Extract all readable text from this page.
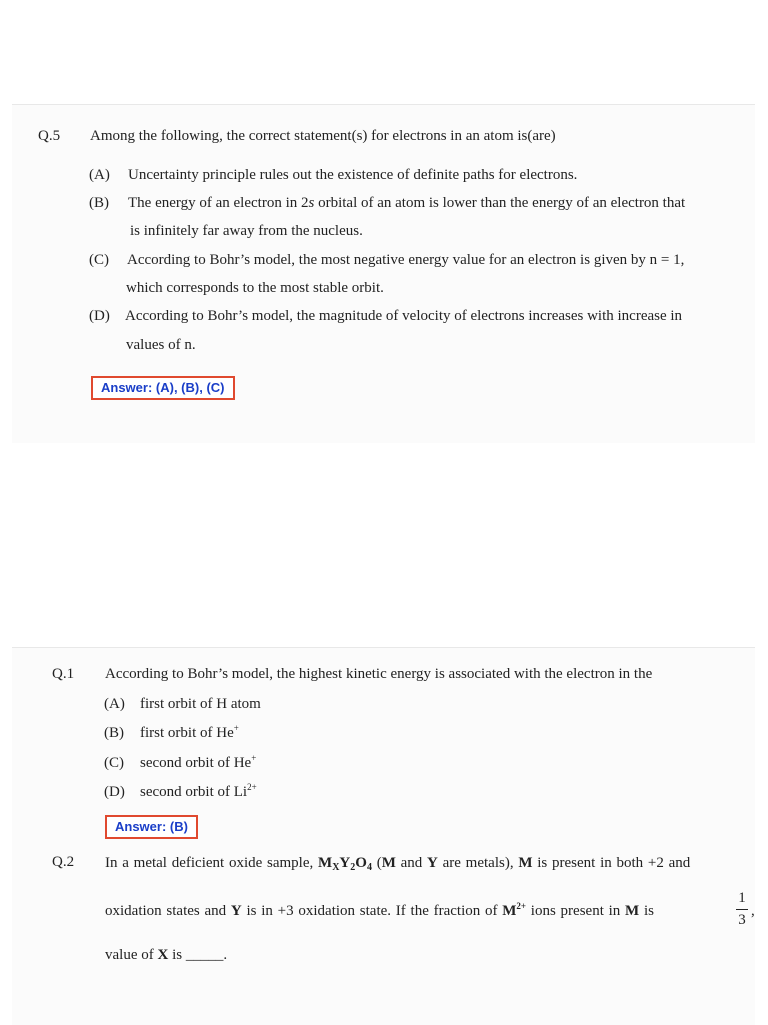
Q.5 Among the following, the correct statement(s) for electrons in an atom is(are)
(A) Uncertainty principle rules out the existence of definite paths for electrons.
(B) The energy of an electron in 2s orbital of an atom is lower than the energy of an electron that
is infinitely far away from the nucleus.
(C) According to Bohr’s model, the most negative energy value for an electron is given by n = 1,
which corresponds to the most stable orbit.
(D) According to Bohr’s model, the magnitude of velocity of electrons increases with increase in
values of n.
Answer: (A), (B), (C)
Q.1 According to Bohr’s model, the highest kinetic energy is associated with the electron in the
(A) first orbit of H atom
(B) first orbit of He+
(C) second orbit of He+
(D) second orbit of $Li^{2+}$
Answer: (B)
Q.2 In a metal deficient oxide sample, $M_XY_2O_4$ (M and Y are metals), M is present in both +2 and
oxidation states and Y is in +3 oxidation state. If the fraction of $M^{2+}$ ions present in M is
1
3
,
value of X is _____.
